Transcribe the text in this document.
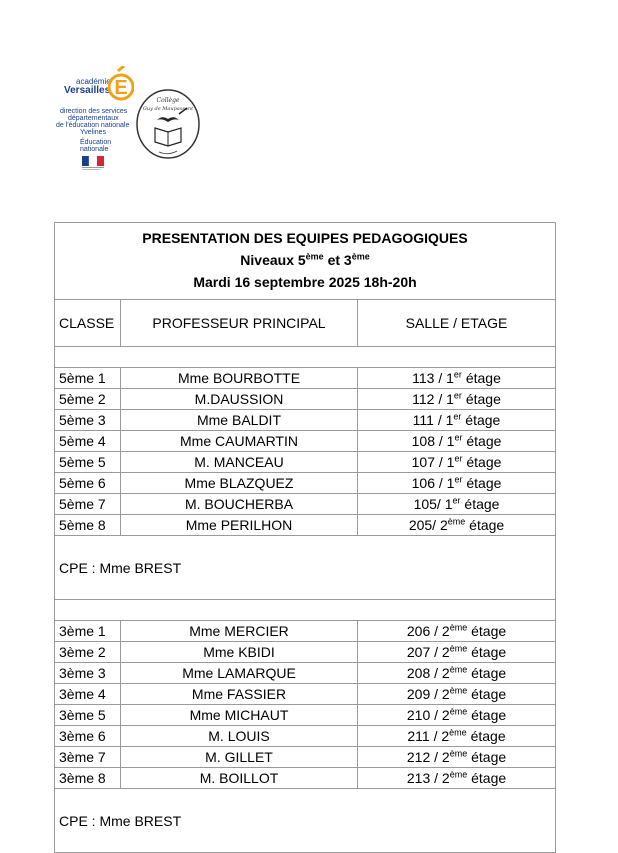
académie
Versailles E
direction des services
départementaux
de l'éducation nationale
Yvelines
Éducation
nationale
Collège
Guy de Maupassant
PRESENTATION DES EQUIPES PEDAGOGIQUES
Niveaux 5ème et 3ème
Mardi 16 septembre 2025 18h-20h		

CLASSE	PROFESSEUR PRINCIPAL	SALLE / ETAGE

5ème 1	Mme BOURBOTTE	113 / 1er étage
5ème 2	M.DAUSSION	112 / 1er étage
5ème 3	Mme BALDIT	111 / 1er étage
5ème 4	Mme CAUMARTIN	108 / 1er étage
5ème 5	M. MANCEAU	107 / 1er étage
5ème 6	Mme BLAZQUEZ	106 / 1er étage
5ème 7	M. BOUCHERBA	105/ 1er étage
5ème 8	Mme PERILHON	205/ 2ème étage
CPE : Mme BREST		

3ème 1	Mme MERCIER	206 / 2ème étage
3ème 2	Mme KBIDI	207 / 2ème étage
3ème 3	Mme LAMARQUE	208 / 2ème étage
3ème 4	Mme FASSIER	209 / 2ème étage
3ème 5	Mme MICHAUT	210 / 2ème étage
3ème 6	M. LOUIS	211 / 2ème étage
3ème 7	M. GILLET	212 / 2ème étage
3ème 8	M. BOILLOT	213 / 2ème étage
CPE : Mme BREST		
